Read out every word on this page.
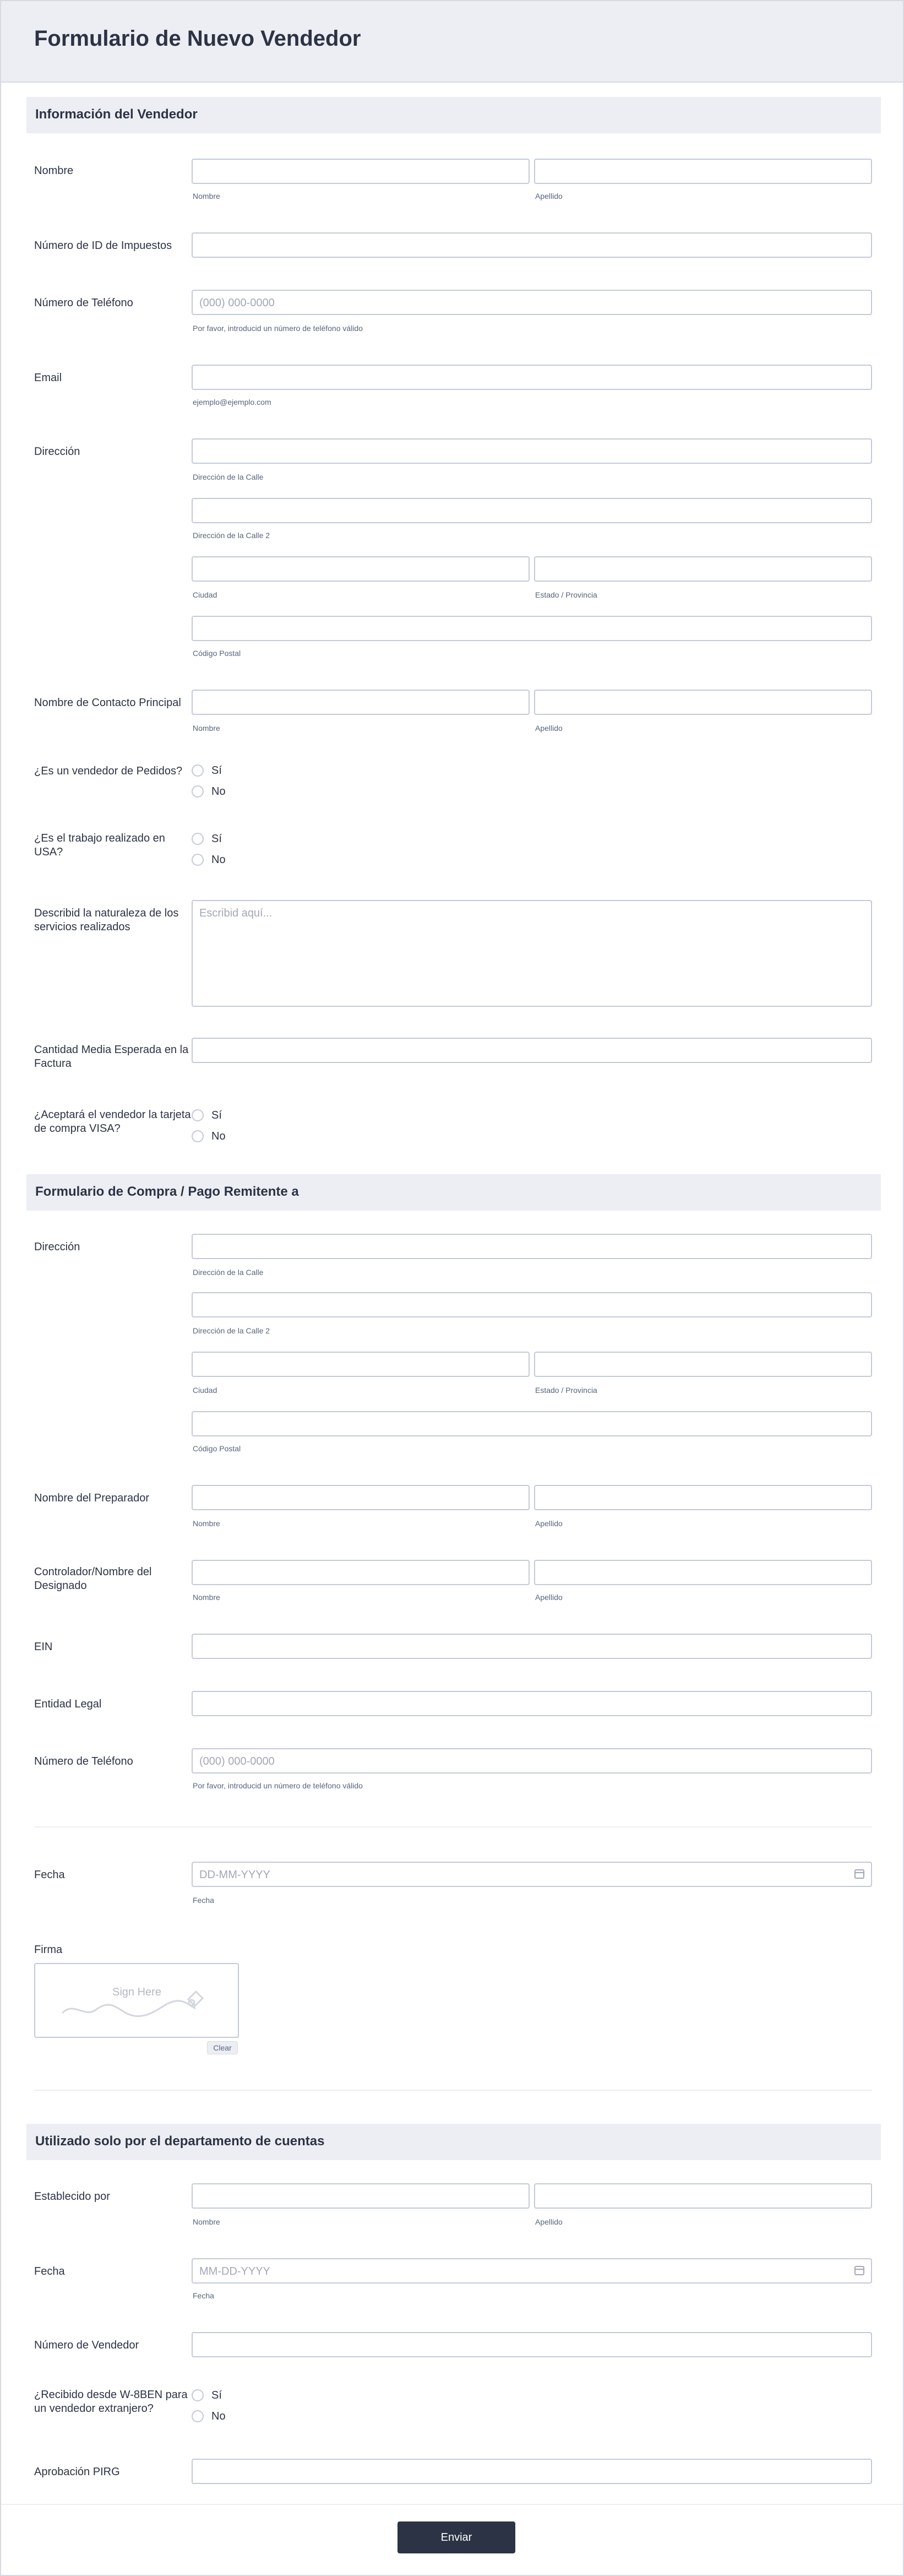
Formulario de Nuevo Vendedor
Información del Vendedor
Nombre
Nombre	Apellido
Número de ID de Impuestos
Número de Teléfono	(000) 000-0000
Por favor, introducid un número de teléfono válido
Email
ejemplo@ejemplo.com
Dirección
Dirección de la Calle
Dirección de la Calle 2
Ciudad	Estado / Provincia
Código Postal
Nombre de Contacto Principal
Nombre	Apellido
¿Es un vendedor de Pedidos?	Sí
No
¿Es el trabajo realizado en USA?
Sí
No
Describid la naturaleza de los servicios realizados
Escribid aquí...
Cantidad Media Esperada en la Factura
¿Aceptará el vendedor la tarjeta de compra VISA?
Sí
No
Formulario de Compra / Pago Remitente a
Dirección
Dirección de la Calle
Dirección de la Calle 2
Ciudad	Estado / Provincia
Código Postal
Nombre del Preparador
Nombre	Apellido
Controlador/Nombre del Designado
Nombre	Apellido
EIN
Entidad Legal
Número de Teléfono	(000) 000-0000
Por favor, introducid un número de teléfono válido
Fecha	DD-MM-YYYY
Fecha
Firma
Sign Here
Clear
Utilizado solo por el departamento de cuentas
Establecido por
Nombre	Apellido
Fecha	MM-DD-YYYY
Fecha
Número de Vendedor
¿Recibido desde W-8BEN para un vendedor extranjero?
Sí
No
Aprobación PIRG
Enviar
